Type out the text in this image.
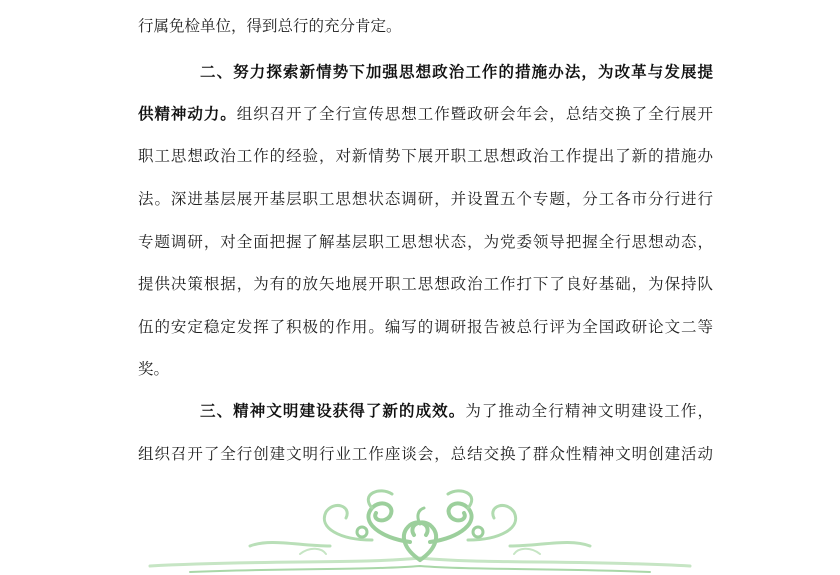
行属免检单位，得到总行的充分肯定。
二、努力探索新情势下加强思想政治工作的措施办法，为改革与发展提
供精神动力。组织召开了全行宣传思想工作暨政研会年会，总结交换了全行展开
职工思想政治工作的经验，对新情势下展开职工思想政治工作提出了新的措施办
法。深进基层展开基层职工思想状态调研，并设置五个专题，分工各市分行进行
专题调研，对全面把握了解基层职工思想状态，为党委领导把握全行思想动态，
提供决策根据，为有的放矢地展开职工思想政治工作打下了良好基础，为保持队
伍的安定稳定发挥了积极的作用。编写的调研报告被总行评为全国政研论文二等
奖。
三、精神文明建设获得了新的成效。为了推动全行精神文明建设工作，
组织召开了全行创建文明行业工作座谈会，总结交换了群众性精神文明创建活动
